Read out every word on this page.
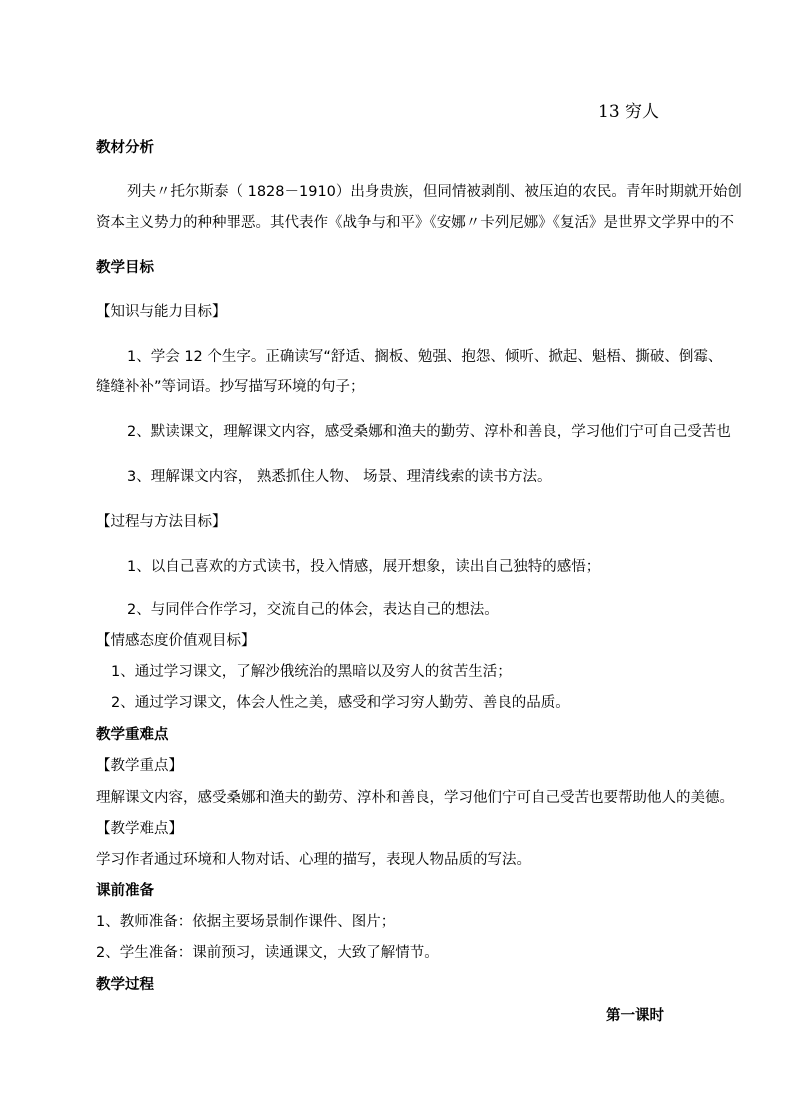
13 穷人
教材分析
列夫〃托尔斯泰（ 1828－1910）出身贵族，但同情被剥削、被压迫的农民。青年时期就开始创
资本主义势力的种种罪恶。其代表作《战争与和平》《安娜〃卡列尼娜》《复活》是世界文学界中的不
教学目标
【知识与能力目标】
1、学会 12 个生字。正确读写“舒适、搁板、勉强、抱怨、倾听、掀起、魁梧、撕破、倒霉、
缝缝补补”等词语。抄写描写环境的句子；
2、默读课文，理解课文内容，感受桑娜和渔夫的勤劳、淳朴和善良，学习他们宁可自己受苦也
3、理解课文内容， 熟悉抓住人物、 场景、理清线索的读书方法。
【过程与方法目标】
1、以自己喜欢的方式读书，投入情感，展开想象，读出自己独特的感悟；
2、与同伴合作学习，交流自己的体会，表达自己的想法。
【情感态度价值观目标】
1、通过学习课文，了解沙俄统治的黑暗以及穷人的贫苦生活；
2、通过学习课文，体会人性之美，感受和学习穷人勤劳、善良的品质。
教学重难点
【教学重点】
理解课文内容，感受桑娜和渔夫的勤劳、淳朴和善良，学习他们宁可自己受苦也要帮助他人的美德。
【教学难点】
学习作者通过环境和人物对话、心理的描写，表现人物品质的写法。
课前准备
1、教师准备：依据主要场景制作课件、图片；
2、学生准备：课前预习，读通课文，大致了解情节。
教学过程
第一课时
